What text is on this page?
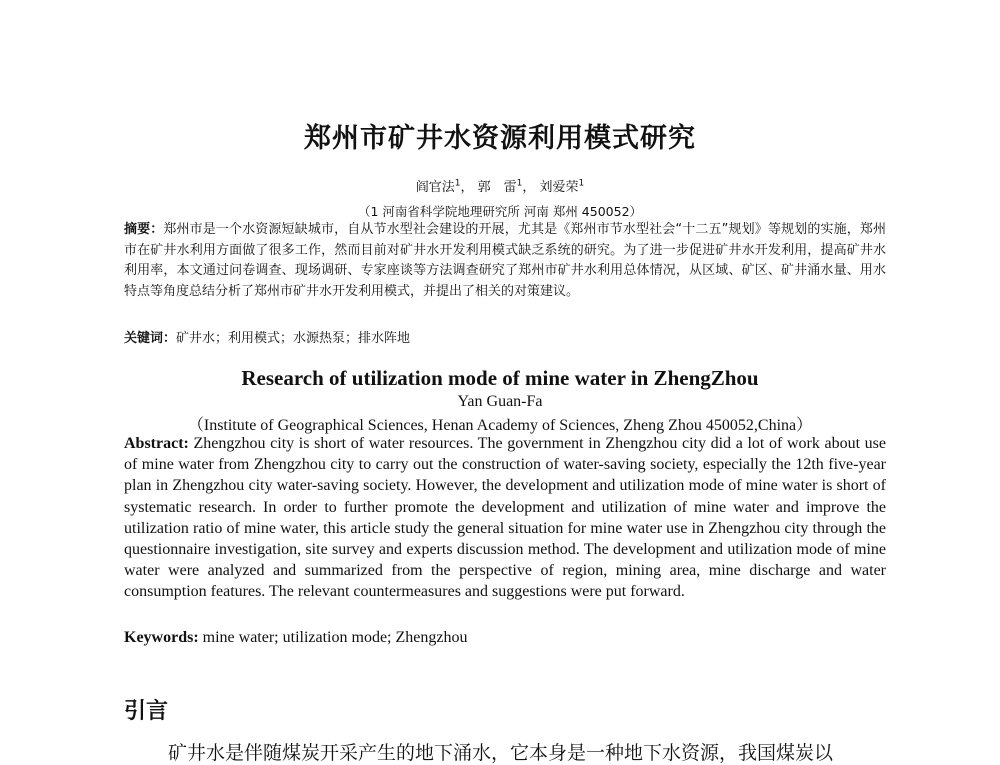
郑州市矿井水资源利用模式研究
阎官法$^1$， 郭　雷$^1$， 刘爱荣$^1$
（1 河南省科学院地理研究所 河南 郑州 450052）

摘要：郑州市是一个水资源短缺城市，自从节水型社会建设的开展，尤其是《郑州市节水型社会“十二五”规划》等规划的实施，郑州市在矿井水利用方面做了很多工作，然而目前对矿井水开发利用模式缺乏系统的研究。为了进一步促进矿井水开发利用，提高矿井水利用率，本文通过问卷调查、现场调研、专家座谈等方法调查研究了郑州市矿井水利用总体情况，从区域、矿区、矿井涌水量、用水特点等角度总结分析了郑州市矿井水开发利用模式，并提出了相关的对策建议。

关键词：矿井水；利用模式；水源热泵；排水阵地

Research of utilization mode of mine water in ZhengZhou
Yan Guan-Fa
（Institute of Geographical Sciences, Henan Academy of Sciences, Zheng Zhou 450052,China）

Abstract: Zhengzhou city is short of water resources. The government in Zhengzhou city did a lot of work about use of mine water from Zhengzhou city to carry out the construction of water-saving society, especially the 12th five-year plan in Zhengzhou city water-saving society. However, the development and utilization mode of mine water is short of systematic research. In order to further promote the development and utilization of mine water and improve the utilization ratio of mine water, this article study the general situation for mine water use in Zhengzhou city through the questionnaire investigation, site survey and experts discussion method. The development and utilization mode of mine water were analyzed and summarized from the perspective of region, mining area, mine discharge and water consumption features. The relevant countermeasures and suggestions were put forward.

Keywords: mine water; utilization mode; Zhengzhou

引言
矿井水是伴随煤炭开采产生的地下涌水，它本身是一种地下水资源，我国煤炭以
